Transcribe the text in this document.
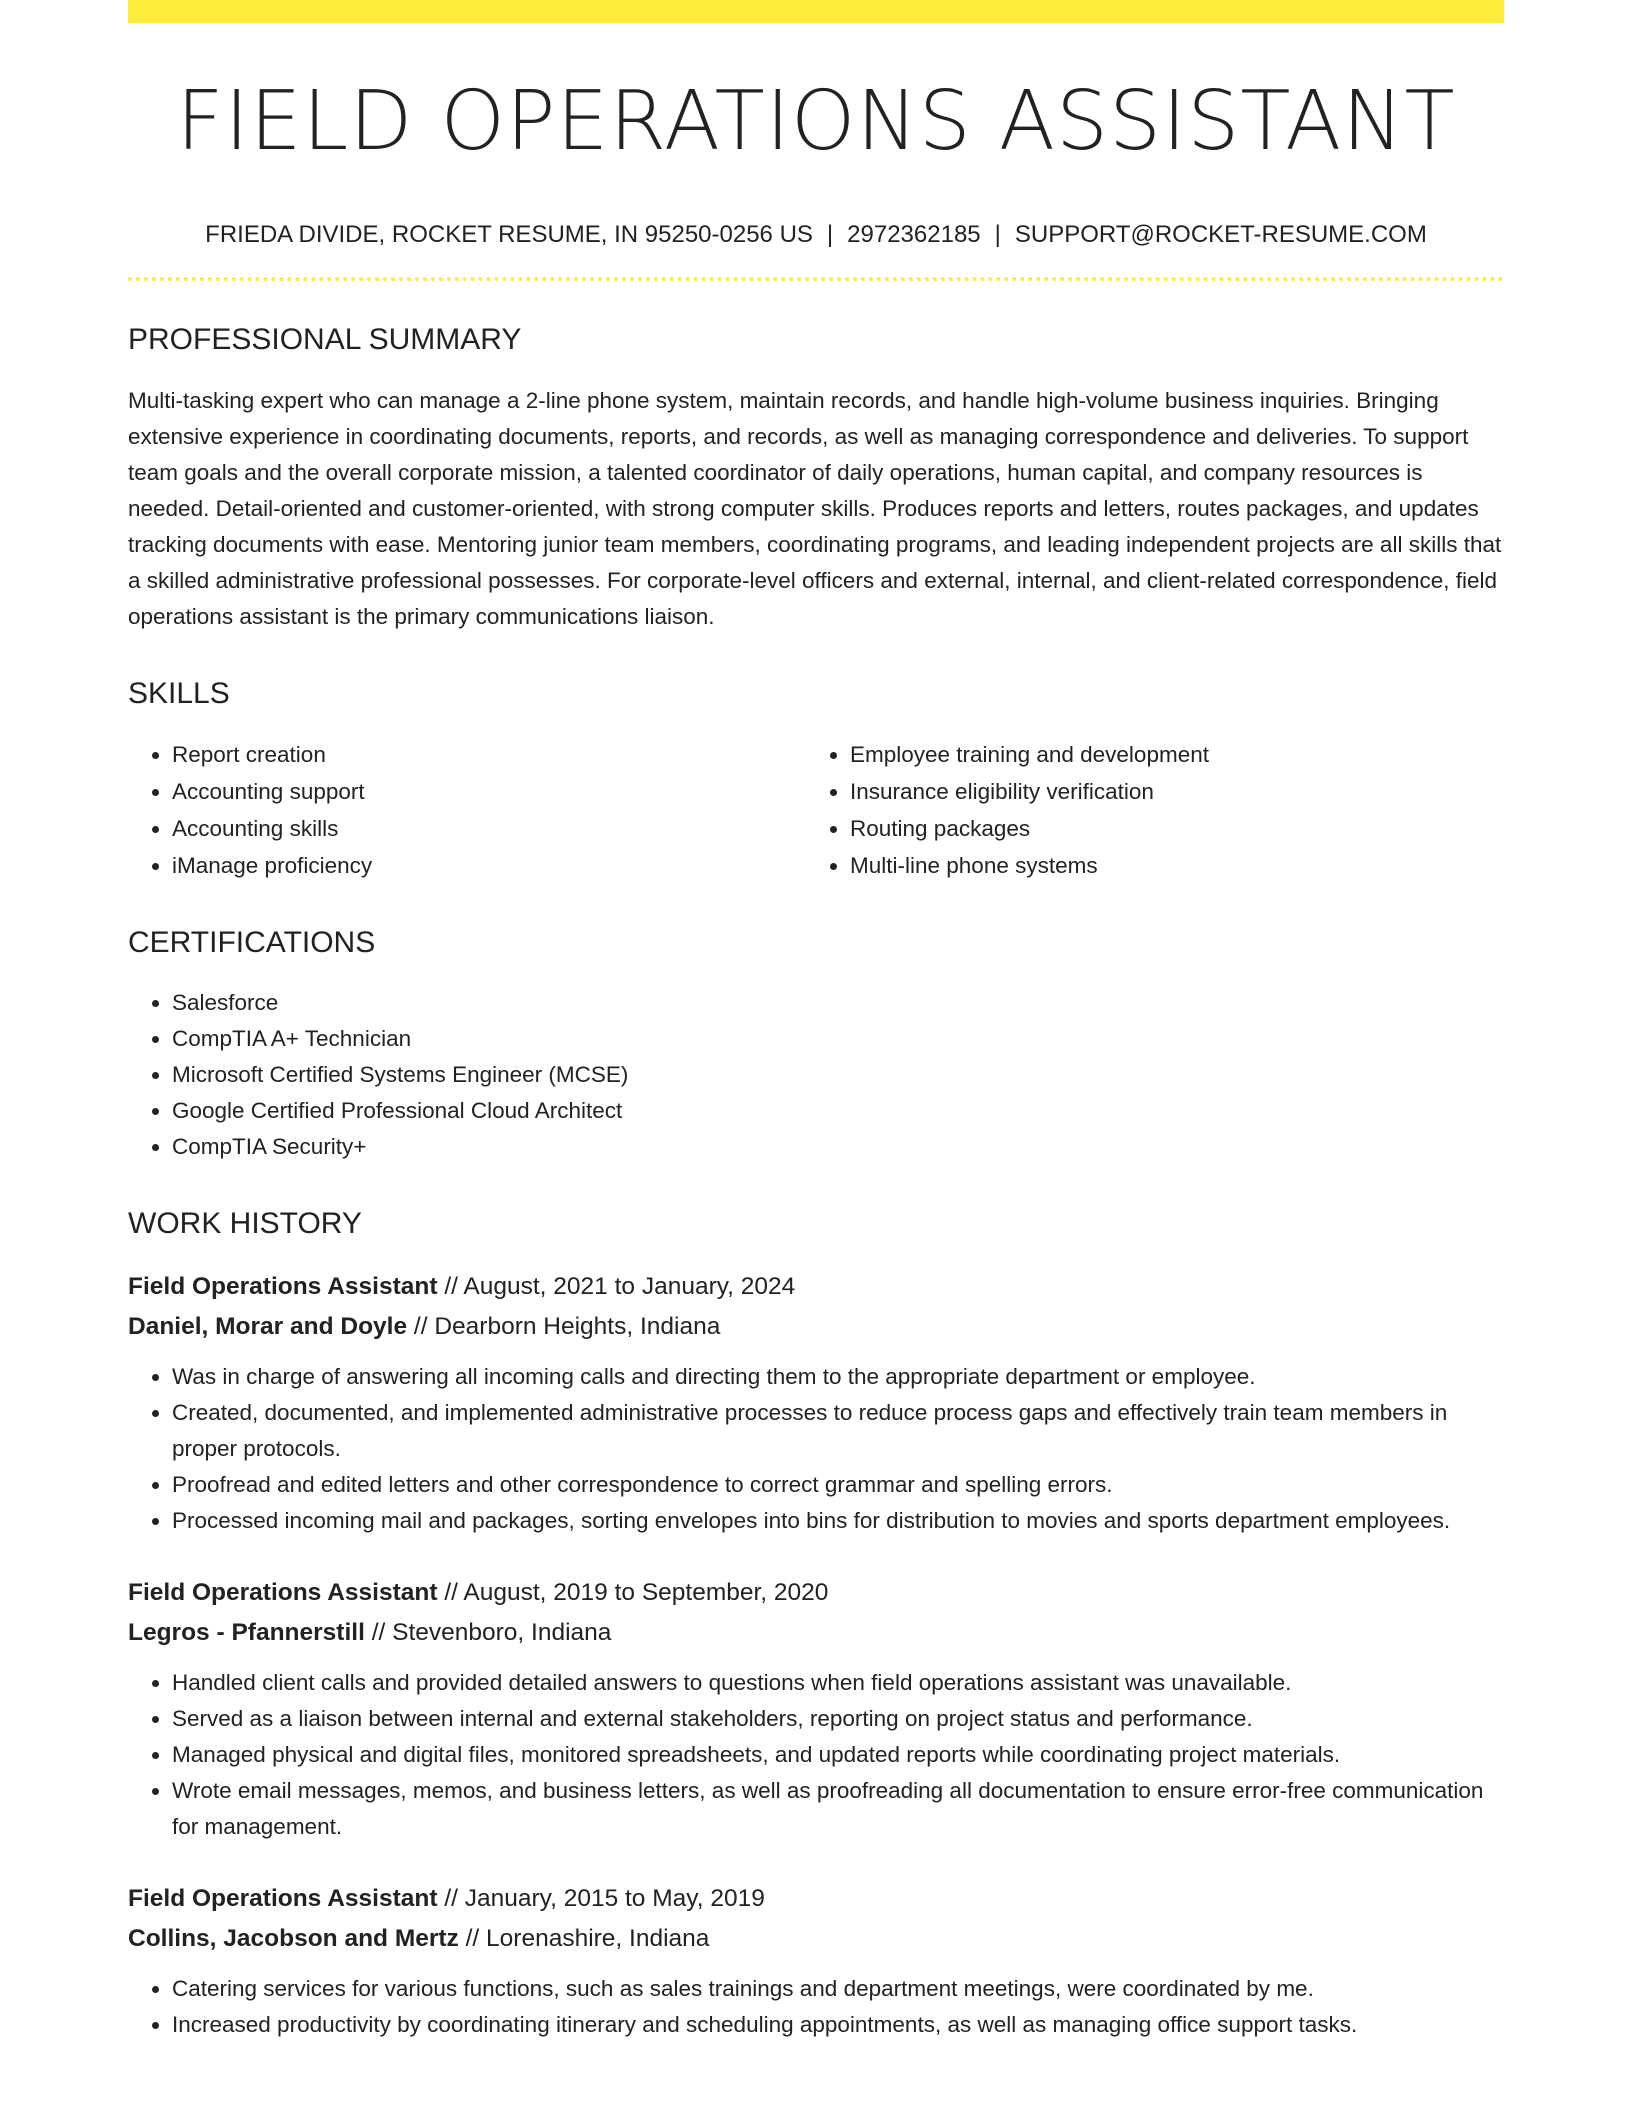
FIELD OPERATIONS ASSISTANT
FRIEDA DIVIDE, ROCKET RESUME, IN 95250-0256 US | 2972362185 | SUPPORT@ROCKET-RESUME.COM
PROFESSIONAL SUMMARY

Multi-tasking expert who can manage a 2-line phone system, maintain records, and handle high-volume business inquiries. Bringing extensive experience in coordinating documents, reports, and records, as well as managing correspondence and deliveries. To support team goals and the overall corporate mission, a talented coordinator of daily operations, human capital, and company resources is needed. Detail-oriented and customer-oriented, with strong computer skills. Produces reports and letters, routes packages, and updates tracking documents with ease. Mentoring junior team members, coordinating programs, and leading independent projects are all skills that a skilled administrative professional possesses. For corporate-level officers and external, internal, and client-related correspondence, field operations assistant is the primary communications liaison.

SKILLS
• Report creation
• Accounting support
• Accounting skills
• iManage proficiency
• Employee training and development
• Insurance eligibility verification
• Routing packages
• Multi-line phone systems
CERTIFICATIONS
• Salesforce
• CompTIA A+ Technician
• Microsoft Certified Systems Engineer (MCSE)
• Google Certified Professional Cloud Architect
• CompTIA Security+
WORK HISTORY
Field Operations Assistant // August, 2021 to January, 2024
Daniel, Morar and Doyle // Dearborn Heights, Indiana
• Was in charge of answering all incoming calls and directing them to the appropriate department or employee.
• Created, documented, and implemented administrative processes to reduce process gaps and effectively train team members in proper protocols.
• Proofread and edited letters and other correspondence to correct grammar and spelling errors.
• Processed incoming mail and packages, sorting envelopes into bins for distribution to movies and sports department employees.
Field Operations Assistant // August, 2019 to September, 2020
Legros - Pfannerstill // Stevenboro, Indiana
• Handled client calls and provided detailed answers to questions when field operations assistant was unavailable.
• Served as a liaison between internal and external stakeholders, reporting on project status and performance.
• Managed physical and digital files, monitored spreadsheets, and updated reports while coordinating project materials.
• Wrote email messages, memos, and business letters, as well as proofreading all documentation to ensure error-free communication for management.
Field Operations Assistant // January, 2015 to May, 2019
Collins, Jacobson and Mertz // Lorenashire, Indiana
• Catering services for various functions, such as sales trainings and department meetings, were coordinated by me.
• Increased productivity by coordinating itinerary and scheduling appointments, as well as managing office support tasks.
